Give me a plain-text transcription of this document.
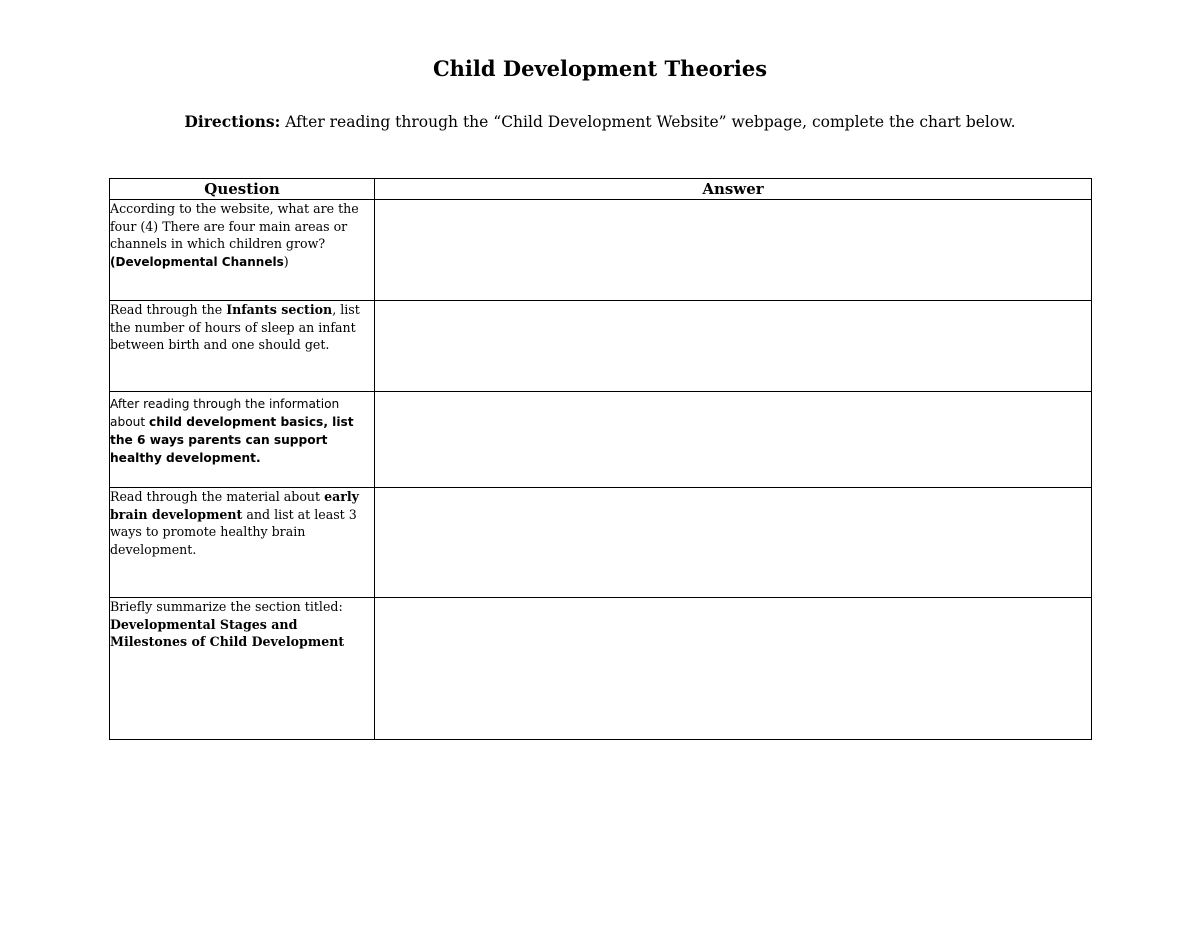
Child Development Theories
Directions: After reading through the “Child Development Website” webpage, complete the chart below.
Question	Answer
According to the website, what are the four (4) There are four main areas or channels in which children grow? (Developmental Channels)	
Read through the Infants section, list the number of hours of sleep an infant between birth and one should get.	
After reading through the information about child development basics, list the 6 ways parents can support healthy development.	
Read through the material about early brain development and list at least 3 ways to promote healthy brain development.	
Briefly summarize the section titled: Developmental Stages and Milestones of Child Development	
